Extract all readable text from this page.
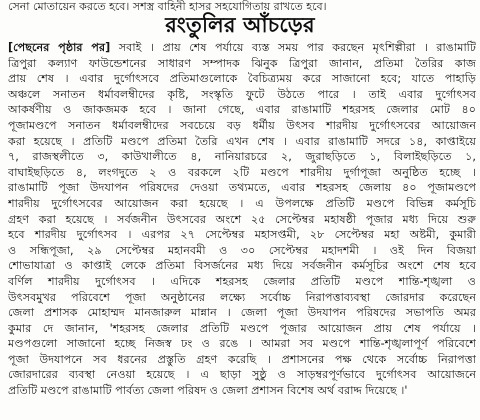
সেনা মোতায়েন করতে হবে। সশস্ত্র বাহিনী হাসর সহযোগিতায় রাখতে হবে।
রংতুলির আঁচড়ের
[পেছনের পৃষ্ঠার পর] সবাই । প্রায় শেষ পর্যায়ে ব্যস্ত সময় পার করছেন মৃৎশিল্পীরা । রাঙামাটি
ত্রিপুরা কল্যাণ ফাউন্ডেশনের সাধারণ সম্পাদক ঝিনুক ত্রিপুরা জানান, প্রতিমা তৈরির কাজ
প্রায় শেষ । এবার দুর্গোৎসবে প্রতিমাগুলোকে বৈচিত্র্যময় করে সাজানো হবে; যাতে পাহাড়ি
অঞ্চলে সনাতন ধর্মাবলম্বীদের কৃষ্টি, সংস্কৃতি ফুটে উঠতে পারে । তাই এবার দুর্গোৎসব
আকর্ষণীয় ও জাকজমক হবে । জানা গেছে, এবার রাঙামাটি শহরসহ জেলার মোট ৪০
পূজামণ্ডপে সনাতন ধর্মাবলম্বীদের সবচেয়ে বড় ধর্মীয় উৎসব শারদীয় দুর্গোৎসবের আয়োজন
করা হয়েছে । প্রতিটি মণ্ডপে প্রতিমা তৈরি এখন শেষ । এবার রাঙামাটি সদরে ১৪, কাপ্তাইয়ে
৭, রাজস্থলীতে ৩, কাউখালীতে ৪, নানিয়ারচরে ২, জুরাছড়িতে ১, বিলাইছড়িতে ১,
বাঘাইছড়িতে ৪, লংগদুতে ২ ও বরকলে ২টি মণ্ডপে শারদীয় দুর্গাপূজা অনুষ্ঠিত হচ্ছে ।
রাঙামাটি পূজা উদযাপন পরিষদের দেওয়া তথ্যমতে, এবার শহরসহ জেলায় ৪০ পূজামণ্ডপে
শারদীয় দুর্গোৎসবের আয়োজন করা হয়েছে । এ উপলক্ষে প্রতিটি মণ্ডপে বিভিন্ন কর্মসূচি
গ্রহণ করা হয়েছে । সর্বজনীন উৎসবের অংশে ২৫ সেপ্টেম্বর মহাষষ্ঠী পূজার মধ্য দিয়ে শুরু
হবে শারদীয় দুর্গোৎসব । এরপর ২৭ সেপ্টেম্বর মহাসপ্তমী, ২৮ সেপ্টেম্বর মহা অষ্টমী, কুমারী
ও সন্ধিপূজা, ২৯ সেপ্টেম্বর মহানবমী ও ৩০ সেপ্টেম্বর মহাদশমী । ওই দিন বিজয়া
শোভাযাত্রা ও কাপ্তাই লেকে প্রতিমা বিসর্জনের মধ্য দিয়ে সর্বজনীন কর্মসূচির অংশে শেষ হবে
বর্ণিল শারদীয় দুর্গোৎসব । এদিকে শহরসহ জেলার প্রতিটি মণ্ডপে শান্তি-শৃঙ্খলা ও
উৎসবমুখর পরিবেশে পূজা অনুষ্ঠানের লক্ষ্যে সর্বোচ্চ নিরাপত্তাব্যবস্থা জোরদার করেছেন
জেলা প্রশাসক মোহাম্মদ মানজারুল মান্নান । জেলা পূজা উদযাপন পরিষদের সভাপতি অমর
কুমার দে জানান, 'শহরসহ জেলার প্রতিটি মণ্ডপে পূজার আয়োজন প্রায় শেষ পর্যায়ে ।
মণ্ডপগুলো সাজানো হচ্ছে নিজস্ব ঢং ও রঙে । আমরা সব মণ্ডপে শান্তি-শৃঙ্খলাপূর্ণ পরিবেশে
পূজা উদযাপনে সব ধরনের প্রস্তুতি গ্রহণ করেছি । প্রশাসনের পক্ষ থেকে সর্বোচ্চ নিরাপত্তা
জোরদারের ব্যবস্থা নেওয়া হয়েছে । এ ছাড়া সুষ্ঠু ও সাড়ম্বরপূর্ণভাবে দুর্গোৎসব আয়োজনে
প্রতিটি মণ্ডপে রাঙামাটি পার্বত্য জেলা পরিষদ ও জেলা প্রশাসন বিশেষ অর্থ বরাদ্দ দিয়েছে ।'
